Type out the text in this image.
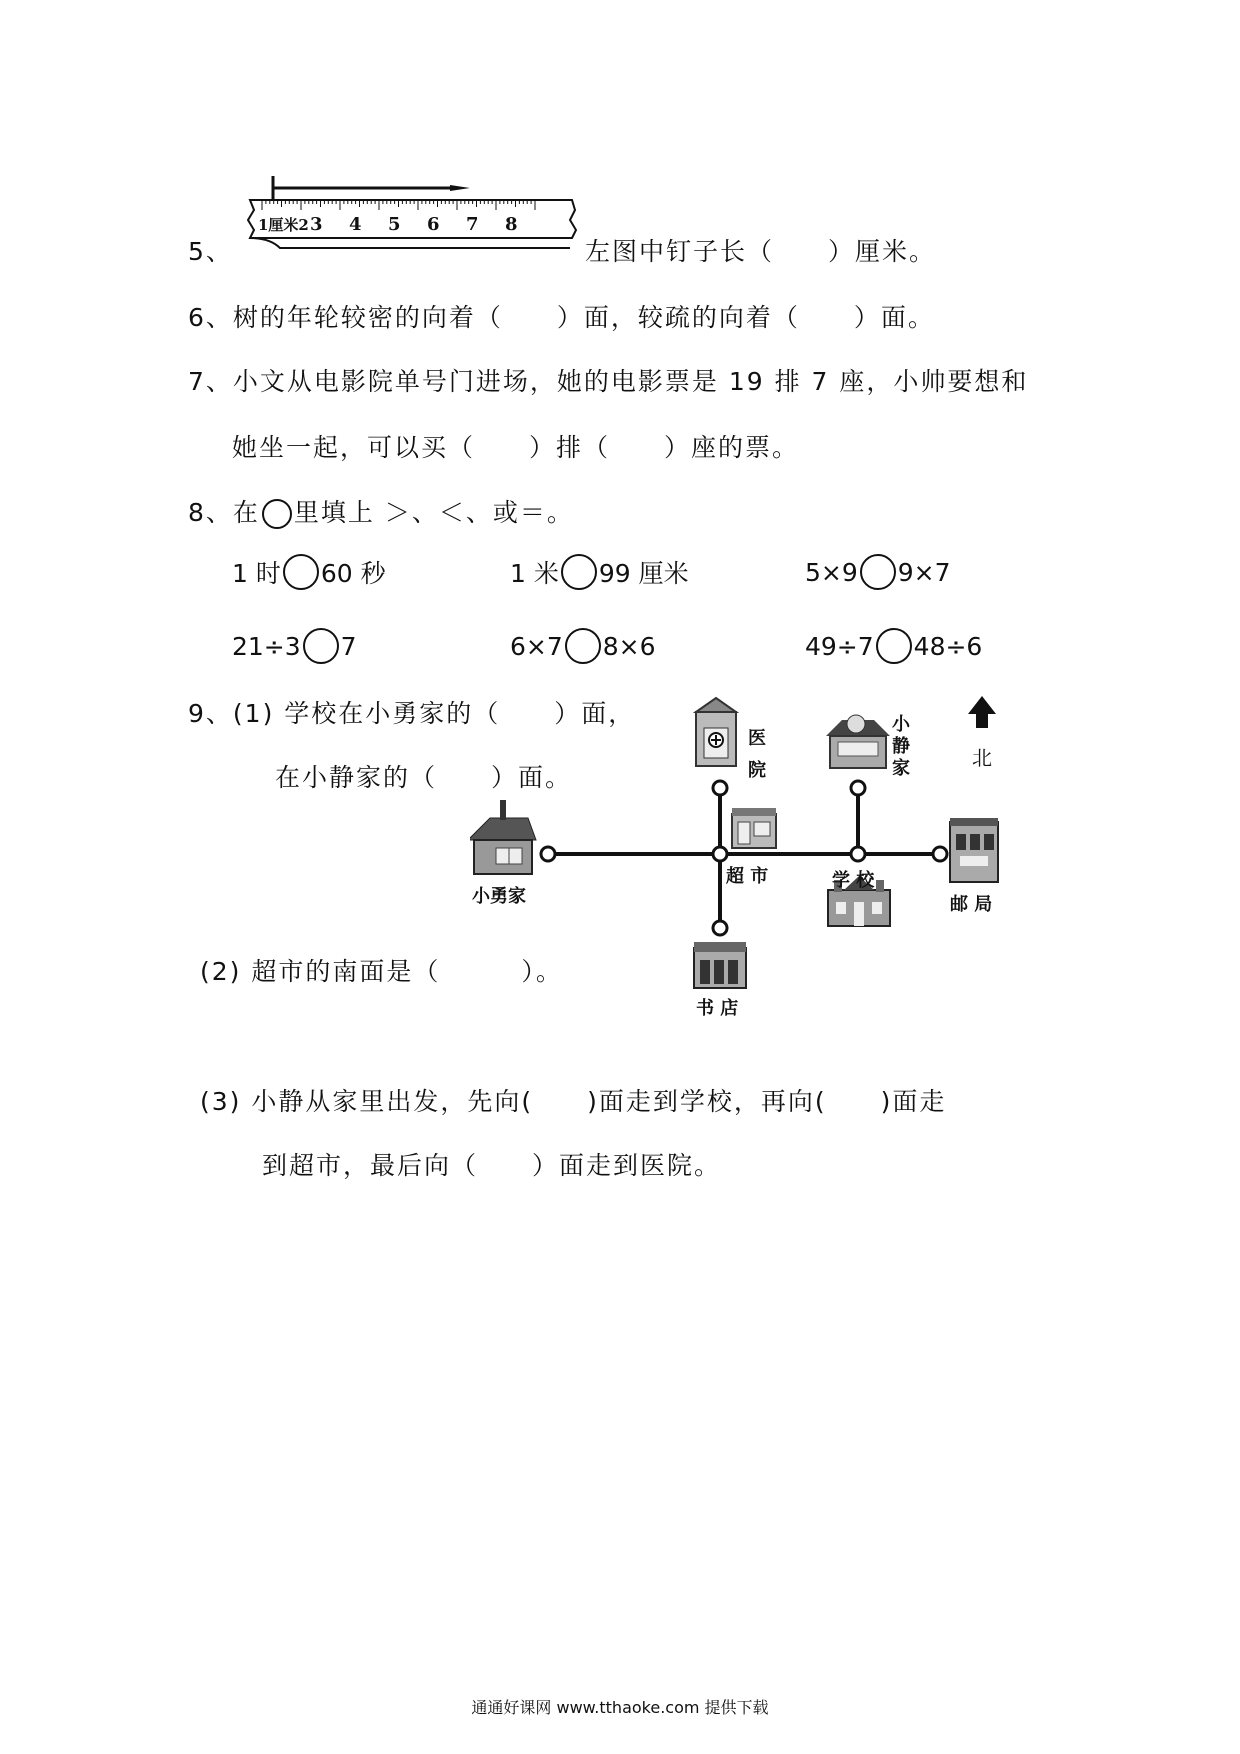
1厘米2 3 4 5 6 7 8
5、	左图中钉子长（　　）厘米。
6、树的年轮较密的向着（　　）面，较疏的向着（　　）面。
7、小文从电影院单号门进场，她的电影票是 19 排 7 座，小帅要想和
她坐一起，可以买（　　）排（　　）座的票。
8、在 里填上 ＞、＜、或＝。
1 时 60 秒	1 米 99 厘米	5×9 9×7
21÷3 7	6×7 8×6	49÷7 48÷6
9、(1) 学校在小勇家的（　　）面，
在小静家的（　　）面。
(2) 超市的南面是（　　　）。
(3) 小静从家里出发，先向(　　)面走到学校，再向(　　)面走
到超市，最后向（　　）面走到医院。
北
医
院
小
静
家
小勇家
超 市	学 校
邮 局
书 店
通通好课网 www.tthaoke.com 提供下载
